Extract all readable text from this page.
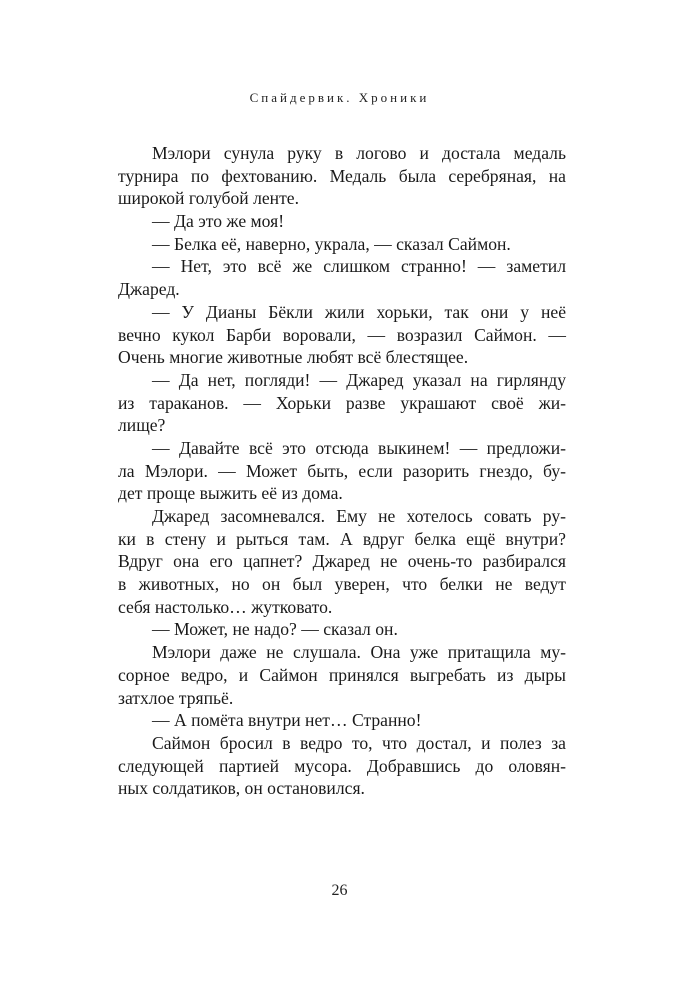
Спайдервик. Хроники
Мэлори сунула руку в логово и достала медаль
турнира по фехтованию. Медаль была серебряная, на
широкой голубой ленте.
— Да это же моя!
— Белка её, наверно, украла, — сказал Саймон.
— Нет, это всё же слишком странно! — заметил
Джаред.
— У Дианы Бёкли жили хорьки, так они у неё
вечно кукол Барби воровали, — возразил Саймон. —
Очень многие животные любят всё блестящее.
— Да нет, погляди! — Джаред указал на гирлянду
из тараканов. — Хорьки разве украшают своё жи-
лище?
— Давайте всё это отсюда выкинем! — предложи-
ла Мэлори. — Может быть, если разорить гнездо, бу-
дет проще выжить её из дома.
Джаред засомневался. Ему не хотелось совать ру-
ки в стену и рыться там. А вдруг белка ещё внутри?
Вдруг она его цапнет? Джаред не очень-то разбирался
в животных, но он был уверен, что белки не ведут
себя настолько… жутковато.
— Может, не надо? — сказал он.
Мэлори даже не слушала. Она уже притащила му-
сорное ведро, и Саймон принялся выгребать из дыры
затхлое тряпьё.
— А помёта внутри нет… Странно!
Саймон бросил в ведро то, что достал, и полез за
следующей партией мусора. Добравшись до оловян-
ных солдатиков, он остановился.
26
